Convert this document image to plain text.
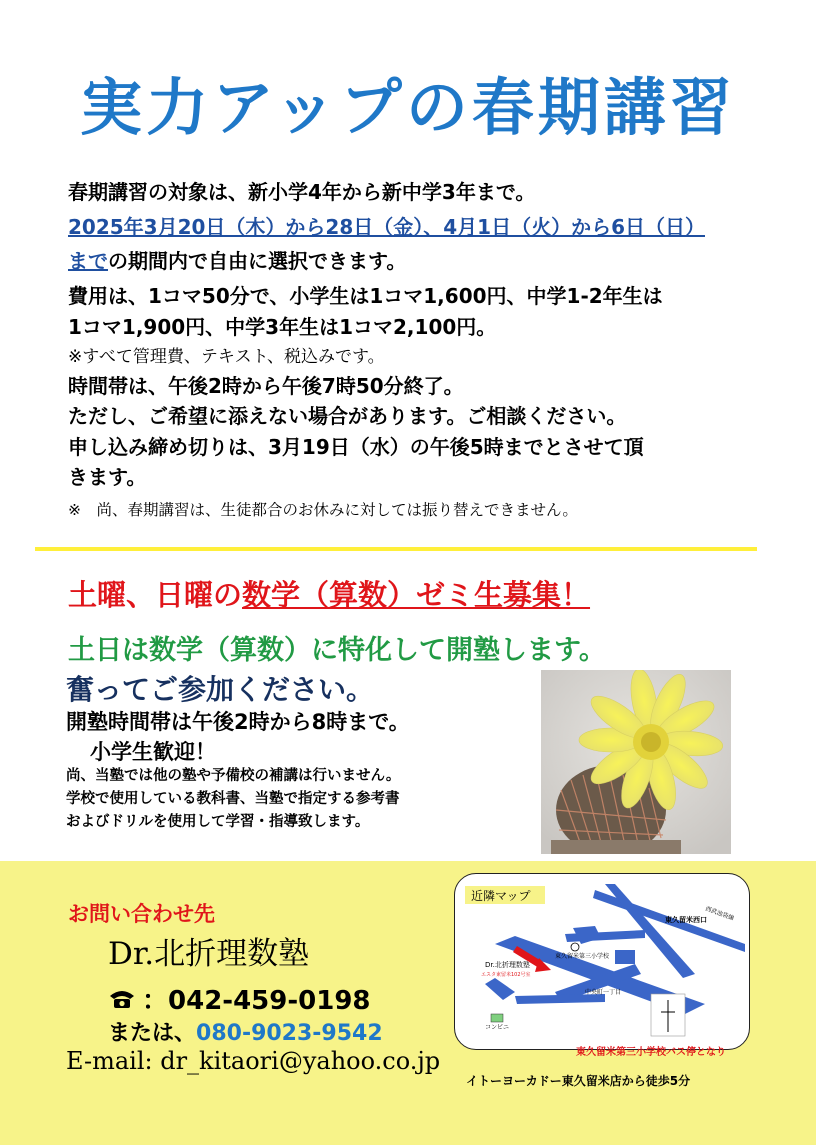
実力アップの春期講習
春期講習の対象は、新小学4年から新中学3年まで。
2025年3月20日（木）から28日（金）、4月1日（火）から6日（日）
までの期間内で自由に選択できます。
費用は、1コマ50分で、小学生は1コマ1,600円、中学1-2年生は
1コマ1,900円、中学3年生は1コマ2,100円。
※すべて管理費、テキスト、税込みです。
時間帯は、午後2時から午後7時50分終了。
ただし、ご希望に添えない場合があります。ご相談ください。
申し込み締め切りは、3月19日（水）の午後5時までとさせて頂
きます。
※　尚、春期講習は、生徒都合のお休みに対しては振り替えできません。
土曜、日曜の数学（算数）ゼミ生募集！
土日は数学（算数）に特化して開塾します。
奮ってご参加ください。
開塾時間帯は午後2時から8時まで。
小学生歓迎！
尚、当塾では他の塾や予備校の補講は行いません。
学校で使用している教科書、当塾で指定する参考書
およびドリルを使用して学習・指導致します。
お問い合わせ先
Dr.北折理数塾
：042-459-0198
または、080-9023-9542
E-mail: dr_kitaori@yahoo.co.jp
近隣マップ
東久留米西口
西武池袋線
Dr.北折理数塾
エスタ東留米102号室
東久留米第三小学校
中央町一丁目
コンビニ
東久留米第三小学校バス停となり
イトーヨーカドー東久留米店から徒歩5分
